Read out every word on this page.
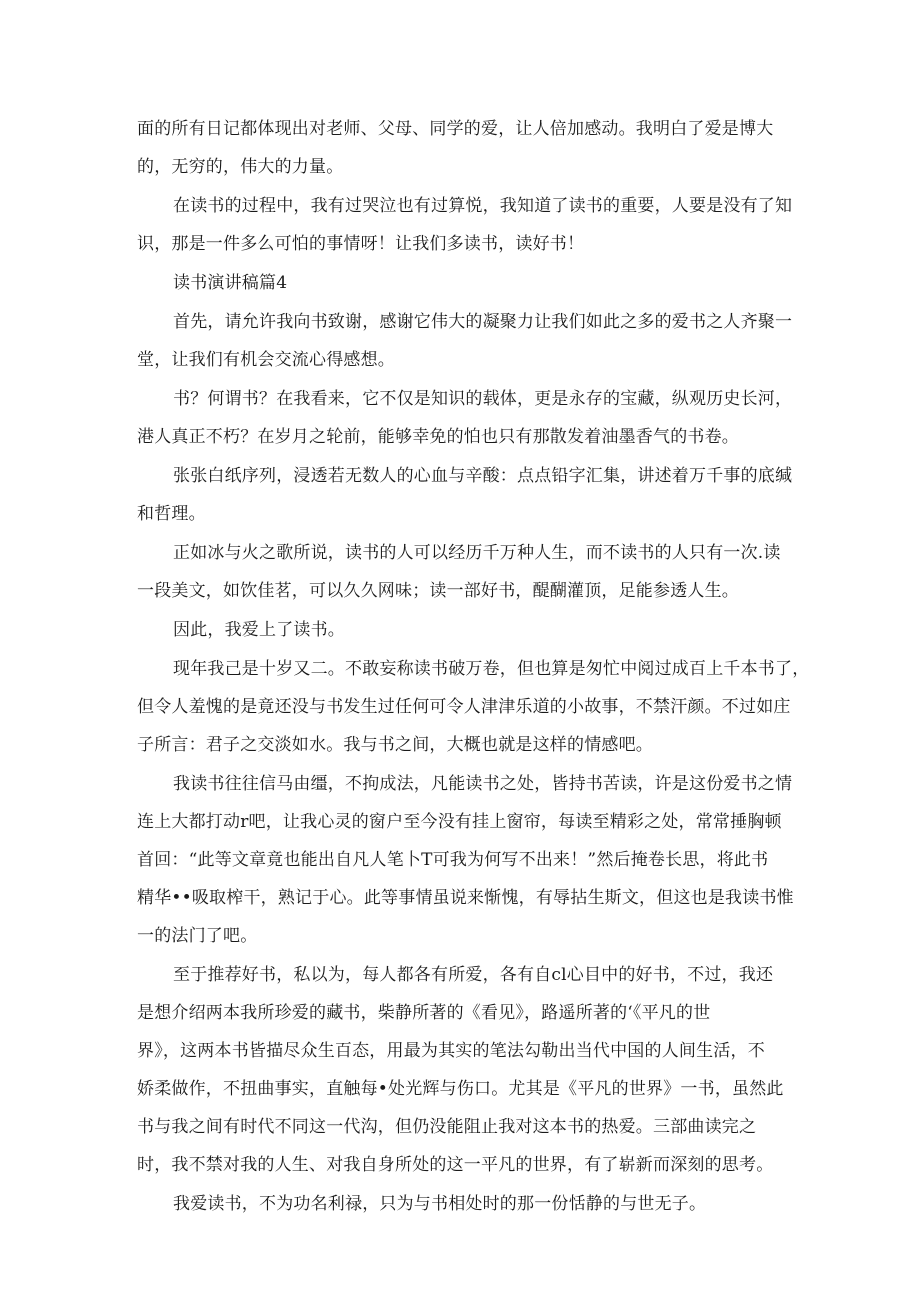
面的所有日记都体现出对老师、父母、同学的爱，让人倍加感动。我明白了爱是博大
的，无穷的，伟大的力量。
在读书的过程中，我有过哭泣也有过算悦，我知道了读书的重要，人要是没有了知
识，那是一件多么可怕的事情呀！让我们多读书，读好书！
读书演讲稿篇4
首先，请允许我向书致谢，感谢它伟大的凝聚力让我们如此之多的爱书之人齐聚一
堂，让我们有机会交流心得感想。
书？何谓书？在我看来，它不仅是知识的载体，更是永存的宝藏，纵观历史长河，
港人真正不朽？在岁月之轮前，能够幸免的怕也只有那散发着油墨香气的书卷。
张张白纸序列，浸透若无数人的心血与辛酸：点点铅字汇集，讲述着万千事的底缄
和哲理。
正如冰与火之歌所说，读书的人可以经历千万种人生，而不读书的人只有一次.读
一段美文，如饮佳茗，可以久久网味；读一部好书，醍醐灌顶，足能参透人生。
因此，我爱上了读书。
现年我己是十岁又二。不敢妄称读书破万卷，但也算是匆忙中阅过成百上千本书了，
但令人羞愧的是竟还没与书发生过任何可令人津津乐道的小故事，不禁汗颜。不过如庄
子所言：君子之交淡如水。我与书之间，大概也就是这样的情感吧。
我读书往往信马由缰，不拘成法，凡能读书之处，皆持书苦读，许是这份爱书之情
连上大都打动r吧，让我心灵的窗户至今没有挂上窗帘，每读至精彩之处，常常捶胸顿
首回：“此等文章竟也能出自凡人笔卜T可我为何写不出来！”然后掩卷长思，将此书
精华••吸取榨干，熟记于心。此等事情虽说来惭愧，有辱拈生斯文，但这也是我读书惟
一的法门了吧。
至于推荐好书，私以为，每人都各有所爱，各有自cl心目中的好书，不过，我还
是想介绍两本我所珍爱的藏书，柴静所著的《看见》，路遥所著的‘《平凡的世
界》，这两本书皆描尽众生百态，用最为其实的笔法勾勒出当代中国的人间生活，不
娇柔做作，不扭曲事实，直触每•处光辉与伤口。尤其是《平凡的世界》一书，虽然此
书与我之间有时代不同这一代沟，但仍没能阻止我对这本书的热爱。三部曲读完之
时，我不禁对我的人生、对我自身所处的这一平凡的世界，有了崭新而深刻的思考。
我爱读书，不为功名利禄，只为与书相处时的那一份恬静的与世无子。
